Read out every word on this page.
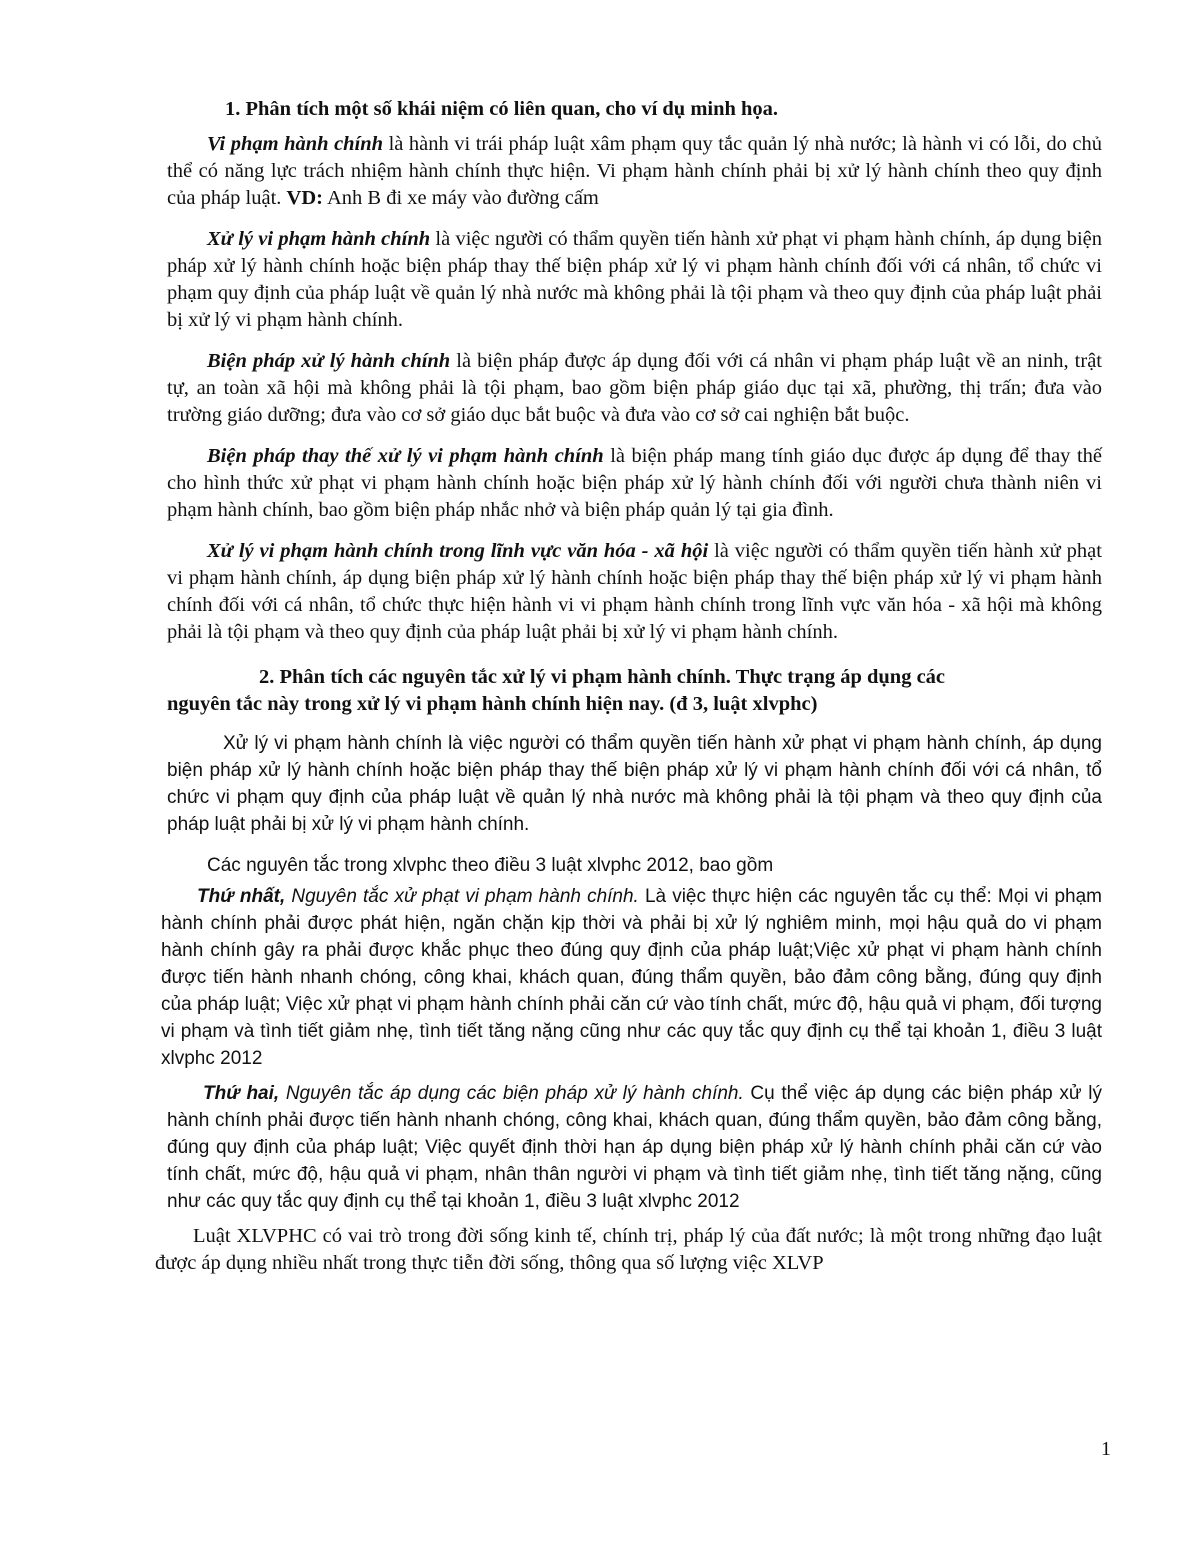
1. Phân tích một số khái niệm có liên quan, cho ví dụ minh họa.

Vi phạm hành chính là hành vi trái pháp luật xâm phạm quy tắc quản lý nhà nước; là hành vi có lỗi, do chủ thể có năng lực trách nhiệm hành chính thực hiện. Vi phạm hành chính phải bị xử lý hành chính theo quy định của pháp luật. VD: Anh B đi xe máy vào đường cấm

Xử lý vi phạm hành chính là việc người có thẩm quyền tiến hành xử phạt vi phạm hành chính, áp dụng biện pháp xử lý hành chính hoặc biện pháp thay thế biện pháp xử lý vi phạm hành chính đối với cá nhân, tổ chức vi phạm quy định của pháp luật về quản lý nhà nước mà không phải là tội phạm và theo quy định của pháp luật phải bị xử lý vi phạm hành chính.

Biện pháp xử lý hành chính là biện pháp được áp dụng đối với cá nhân vi phạm pháp luật về an ninh, trật tự, an toàn xã hội mà không phải là tội phạm, bao gồm biện pháp giáo dục tại xã, phường, thị trấn; đưa vào trường giáo dưỡng; đưa vào cơ sở giáo dục bắt buộc và đưa vào cơ sở cai nghiện bắt buộc.

Biện pháp thay thế xử lý vi phạm hành chính là biện pháp mang tính giáo dục được áp dụng để thay thế cho hình thức xử phạt vi phạm hành chính hoặc biện pháp xử lý hành chính đối với người chưa thành niên vi phạm hành chính, bao gồm biện pháp nhắc nhở và biện pháp quản lý tại gia đình.

Xử lý vi phạm hành chính trong lĩnh vực văn hóa - xã hội là việc người có thẩm quyền tiến hành xử phạt vi phạm hành chính, áp dụng biện pháp xử lý hành chính hoặc biện pháp thay thế biện pháp xử lý vi phạm hành chính đối với cá nhân, tổ chức thực hiện hành vi vi phạm hành chính trong lĩnh vực văn hóa - xã hội mà không phải là tội phạm và theo quy định của pháp luật phải bị xử lý vi phạm hành chính.

2. Phân tích các nguyên tắc xử lý vi phạm hành chính. Thực trạng áp dụng các
nguyên tắc này trong xử lý vi phạm hành chính hiện nay. (đ 3, luật xlvphc)

Xử lý vi phạm hành chính là việc người có thẩm quyền tiến hành xử phạt vi phạm hành chính, áp dụng biện pháp xử lý hành chính hoặc biện pháp thay thế biện pháp xử lý vi phạm hành chính đối với cá nhân, tổ chức vi phạm quy định của pháp luật về quản lý nhà nước mà không phải là tội phạm và theo quy định của pháp luật phải bị xử lý vi phạm hành chính.

Các nguyên tắc trong xlvphc theo điều 3 luật xlvphc 2012, bao gồm

Thứ nhất, Nguyên tắc xử phạt vi phạm hành chính. Là việc thực hiện các nguyên tắc cụ thể: Mọi vi phạm hành chính phải được phát hiện, ngăn chặn kịp thời và phải bị xử lý nghiêm minh, mọi hậu quả do vi phạm hành chính gây ra phải được khắc phục theo đúng quy định của pháp luật;Việc xử phạt vi phạm hành chính được tiến hành nhanh chóng, công khai, khách quan, đúng thẩm quyền, bảo đảm công bằng, đúng quy định của pháp luật; Việc xử phạt vi phạm hành chính phải căn cứ vào tính chất, mức độ, hậu quả vi phạm, đối tượng vi phạm và tình tiết giảm nhẹ, tình tiết tăng nặng cũng như các quy tắc quy định cụ thể tại khoản 1, điều 3 luật xlvphc 2012

Thứ hai, Nguyên tắc áp dụng các biện pháp xử lý hành chính. Cụ thể việc áp dụng các biện pháp xử lý hành chính phải được tiến hành nhanh chóng, công khai, khách quan, đúng thẩm quyền, bảo đảm công bằng, đúng quy định của pháp luật; Việc quyết định thời hạn áp dụng biện pháp xử lý hành chính phải căn cứ vào tính chất, mức độ, hậu quả vi phạm, nhân thân người vi phạm và tình tiết giảm nhẹ, tình tiết tăng nặng, cũng như các quy tắc quy định cụ thể tại khoản 1, điều 3 luật xlvphc 2012

Luật XLVPHC có vai trò trong đời sống kinh tế, chính trị, pháp lý của đất nước; là một trong những đạo luật được áp dụng nhiều nhất trong thực tiễn đời sống, thông qua số lượng việc XLVP

1
